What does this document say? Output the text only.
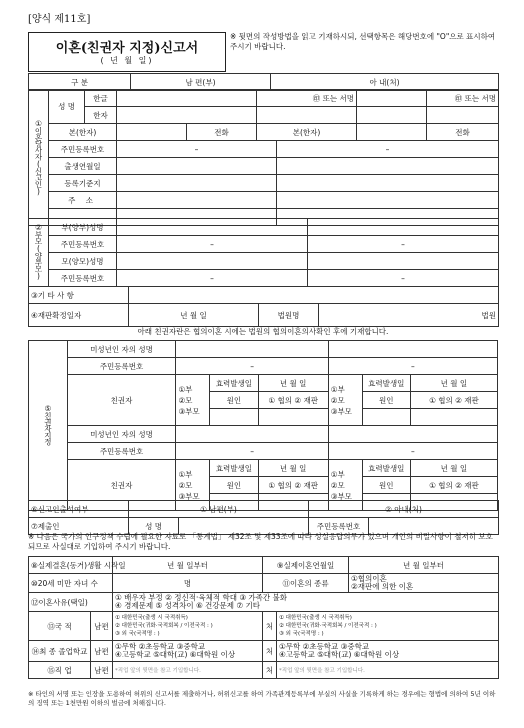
[양식 제11호]
이혼(친권자 지정)신고서
( 년 월 일)
※ 뒷면의 작성방법을 읽고 기재하시되, 선택항목은 해당번호에 "O"으로 표시하여 주시기 바랍니다.
구 분	남 편(부)	아 내(처)
①이혼당사자(신고인)	성 명	한글			㊞ 또는 서명			㊞ 또는 서명
		한자						
	본(한자)			전화	본(한자)			전화
	주민등록번호		–			–		
	출생연월일							
	등록기준지							
	주 소							

②부모(양부모)	부(양부)성명		
	주민등록번호	–	–
	모(양모)성명		
	주민등록번호	–	–
③기 타 사 항			
④재판확정일자	년 월 일	법원명	법원
아래 친권자란은 협의이혼 시에는 법원의 협의이혼의사확인 후에 기재합니다.
⑤친권자지정	미성년인 자의 성명						
	주민등록번호	–			–		
	친권자	①부
②모
③부모	효력발생일	년 월 일	①부
②모
③부모	효력발생일	년 월 일
			원인	① 협의 ② 재판		원인	① 협의 ② 재판

	미성년인 자의 성명						
	주민등록번호	–			–		
	친권자	①부
②모
③부모	효력발생일	년 월 일	①부
②모
③부모	효력발생일	년 월 일
			원인	① 협의 ② 재판		원인	① 협의 ② 재판

⑥신고인출석여부	① 남편(부)		② 아내(처)	
⑦제출인	성 명		주민등록번호	
※ 다음은 국가의 인구정책 수립에 필요한 자료로 「통계법」 제32조 및 제33조에 따라 성실응답의무가 있으며 개인의 비밀사항이 철저히 보호되므로 사실대로 기입하여 주시기 바랍니다.
⑧실제결혼(동거)생활 시작일		년 월 일부터	⑨실제이혼연월일		년 월 일부터
⑩20세 미만 자녀 수		명	⑪이혼의 종류		①협의이혼
②재판에 의한 이혼
⑫이혼사유(택일)		① 배우자 부정 ② 정신적·육체적 학대 ③ 가족간 불화
④ 경제문제 ⑤ 성격차이 ⑥ 건강문제 ⑦ 기타			
⑬국 적	남편	① 대한민국(출생 시 국적취득)
② 대한민국(귀화·국적회복 / 이전국적 : )
③ 외 국(국적명 : )	처	① 대한민국(출생 시 국적취득)
② 대한민국(귀화·국적회복 / 이전국적 : )
③ 외 국(국적명 : )	
⑭최 종 졸업학교	남편	①무학 ②초등학교 ③중학교
④고등학교 ⑤대학(교) ⑥대학원 이상	처	①무학 ②초등학교 ③중학교
④고등학교 ⑤대학(교) ⑥대학원 이상	
⑮직 업	남편	*직업 앞의 뒷면을 참고 기입합니다.	처	*직업 앞의 뒷면을 참고 기입합니다.	
※ 타인의 서명 또는 인장을 도용하여 허위의 신고서를 제출하거나, 허위신고를 하여 가족관계등록부에 부실의 사실을 기록하게 하는 경우에는 형법에 의하여 5년 이하의 징역 또는 1천만원 이하의 벌금에 처해집니다.
